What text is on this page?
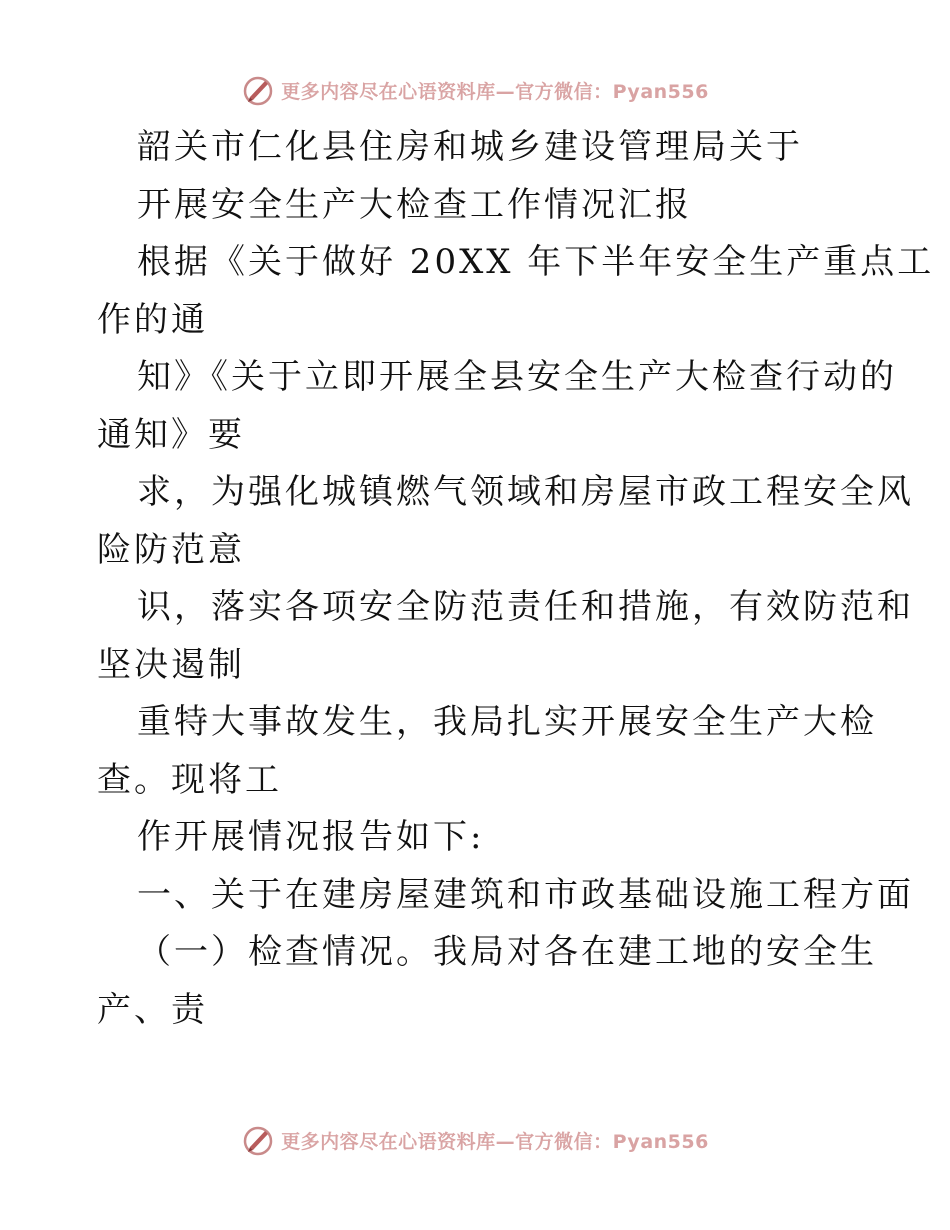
更多内容尽在心语资料库—官方微信：Pyan556
韶关市仁化县住房和城乡建设管理局关于
开展安全生产大检查工作情况汇报
根据《关于做好 20XX 年下半年安全生产重点工
作的通
知》《关于立即开展全县安全生产大检查行动的
通知》要
求，为强化城镇燃气领域和房屋市政工程安全风
险防范意
识，落实各项安全防范责任和措施，有效防范和
坚决遏制
重特大事故发生，我局扎实开展安全生产大检
查。现将工
作开展情况报告如下:
一、关于在建房屋建筑和市政基础设施工程方面
（一）检查情况。我局对各在建工地的安全生
产、责
更多内容尽在心语资料库—官方微信：Pyan556
